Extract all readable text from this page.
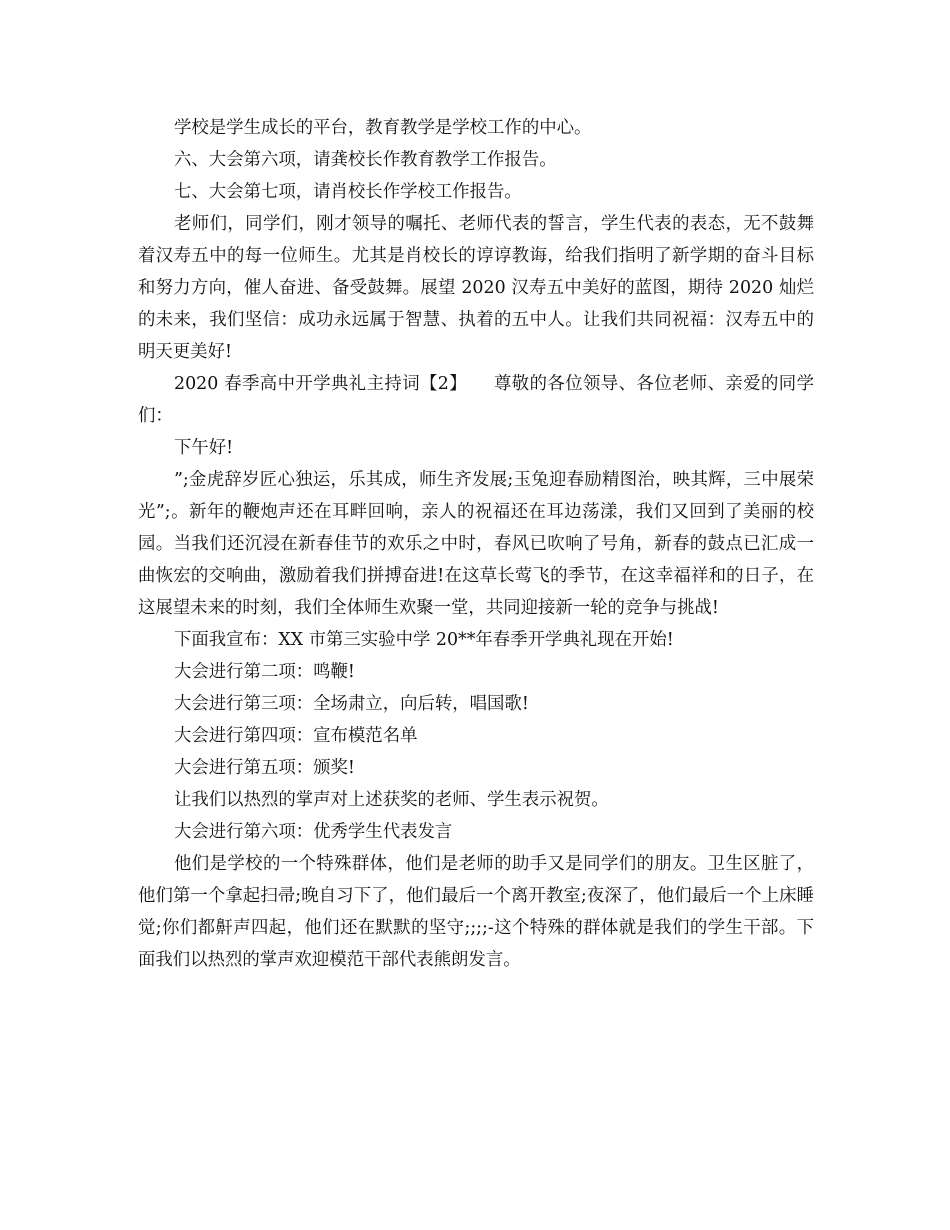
学校是学生成长的平台，教育教学是学校工作的中心。

六、大会第六项，请龚校长作教育教学工作报告。

七、大会第七项，请肖校长作学校工作报告。

老师们，同学们，刚才领导的嘱托、老师代表的誓言，学生代表的表态，无不鼓舞着汉寿五中的每一位师生。尤其是肖校长的谆谆教诲，给我们指明了新学期的奋斗目标和努力方向，催人奋进、备受鼓舞。展望 2020 汉寿五中美好的蓝图，期待 2020 灿烂的未来，我们坚信：成功永远属于智慧、执着的五中人。让我们共同祝福：汉寿五中的明天更美好!

2020 春季高中开学典礼主持词【2】　　尊敬的各位领导、各位老师、亲爱的同学们：

下午好!

”;金虎辞岁匠心独运，乐其成，师生齐发展;玉兔迎春励精图治，映其辉，三中展荣光”;。新年的鞭炮声还在耳畔回响，亲人的祝福还在耳边荡漾，我们又回到了美丽的校园。当我们还沉浸在新春佳节的欢乐之中时，春风已吹响了号角，新春的鼓点已汇成一曲恢宏的交响曲，激励着我们拼搏奋进!在这草长莺飞的季节，在这幸福祥和的日子，在这展望未来的时刻，我们全体师生欢聚一堂，共同迎接新一轮的竞争与挑战!

下面我宣布：XX 市第三实验中学 20**年春季开学典礼现在开始!

大会进行第二项：鸣鞭!

大会进行第三项：全场肃立，向后转，唱国歌!

大会进行第四项：宣布模范名单

大会进行第五项：颁奖!

让我们以热烈的掌声对上述获奖的老师、学生表示祝贺。

大会进行第六项：优秀学生代表发言

他们是学校的一个特殊群体，他们是老师的助手又是同学们的朋友。卫生区脏了，他们第一个拿起扫帚;晚自习下了，他们最后一个离开教室;夜深了，他们最后一个上床睡觉;你们都鼾声四起，他们还在默默的坚守;;;;-这个特殊的群体就是我们的学生干部。下面我们以热烈的掌声欢迎模范干部代表熊朗发言。
